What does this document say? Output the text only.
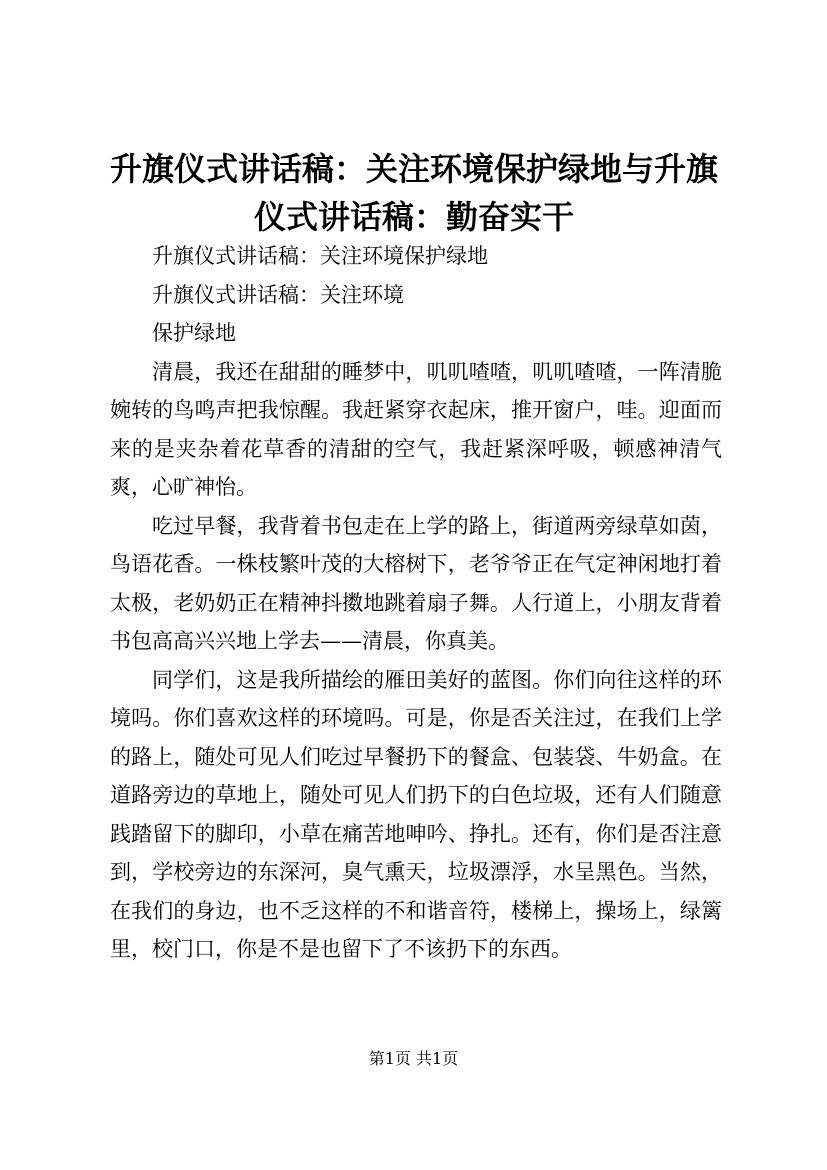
升旗仪式讲话稿：关注环境保护绿地与升旗仪式讲话稿：勤奋实干

升旗仪式讲话稿：关注环境保护绿地

升旗仪式讲话稿：关注环境

保护绿地

清晨，我还在甜甜的睡梦中，叽叽喳喳，叽叽喳喳，一阵清脆婉转的鸟鸣声把我惊醒。我赶紧穿衣起床，推开窗户，哇。迎面而来的是夹杂着花草香的清甜的空气，我赶紧深呼吸，顿感神清气爽，心旷神怡。

吃过早餐，我背着书包走在上学的路上，街道两旁绿草如茵，鸟语花香。一株枝繁叶茂的大榕树下，老爷爷正在气定神闲地打着太极，老奶奶正在精神抖擞地跳着扇子舞。人行道上，小朋友背着书包高高兴兴地上学去——清晨，你真美。

同学们，这是我所描绘的雁田美好的蓝图。你们向往这样的环境吗。你们喜欢这样的环境吗。可是，你是否关注过，在我们上学的路上，随处可见人们吃过早餐扔下的餐盒、包装袋、牛奶盒。在道路旁边的草地上，随处可见人们扔下的白色垃圾，还有人们随意践踏留下的脚印，小草在痛苦地呻吟、挣扎。还有，你们是否注意到，学校旁边的东深河，臭气熏天，垃圾漂浮，水呈黑色。当然，在我们的身边，也不乏这样的不和谐音符，楼梯上，操场上，绿篱里，校门口，你是不是也留下了不该扔下的东西。

第1页 共1页
